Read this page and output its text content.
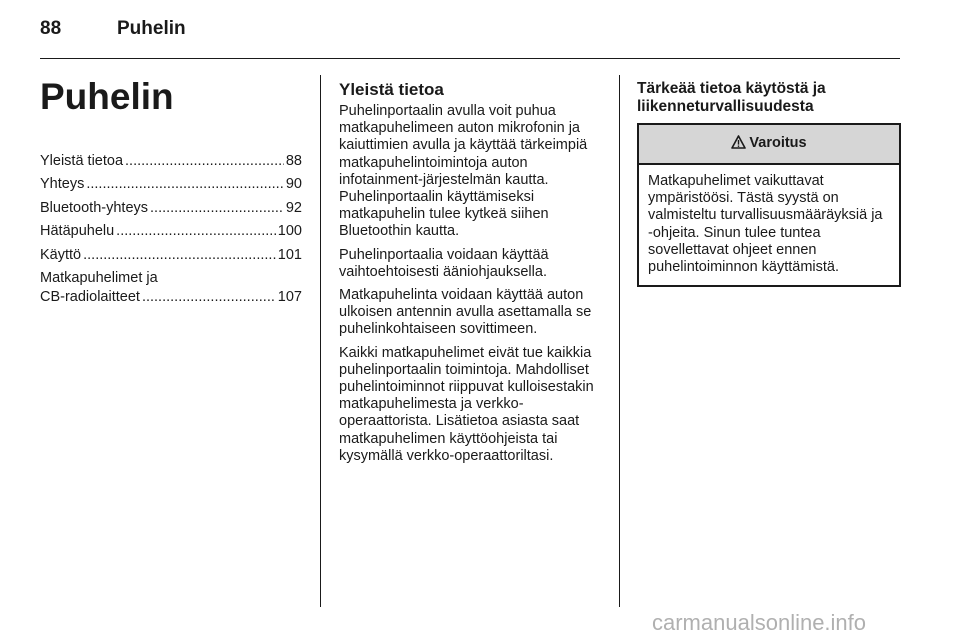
88	Puhelin
Puhelin
Yleistä tietoa .....	88
Yhteys .....	90
Bluetooth-yhteys .....	92
Hätäpuhelu .....	100
Käyttö .....	101
Matkapuhelimet ja
CB-radiolaitteet .....	107
Yleistä tietoa

Puhelinportaalin avulla voit puhua matkapuhelimeen auton mikrofonin ja kaiuttimien avulla ja käyttää tärkeimpiä matkapuhelintoimintoja auton infotainment-järjestelmän kautta. Puhelinportaalin käyttämiseksi matkapuhelin tulee kytkeä siihen Bluetoothin kautta.

Puhelinportaalia voidaan käyttää vaihtoehtoisesti ääniohjauksella.

Matkapuhelinta voidaan käyttää auton ulkoisen antennin avulla asettamalla se puhelinkohtaiseen sovittimeen.

Kaikki matkapuhelimet eivät tue kaikkia puhelinportaalin toimintoja. Mahdolliset puhelintoiminnot riippuvat kulloisestakin matkapuhelimesta ja verkko-operaattorista. Lisätietoa asiasta saat matkapuhelimen käyttöohjeista tai kysymällä verkko-operaattoriltasi.

Tärkeää tietoa käytöstä ja liikenneturvallisuudesta
Varoitus
Matkapuhelimet vaikuttavat ympäristöösi. Tästä syystä on valmisteltu turvallisuusmääräyksiä ja -ohjeita. Sinun tulee tuntea sovellettavat ohjeet ennen puhelintoiminnon käyttämistä.
carmanualsonline.info
